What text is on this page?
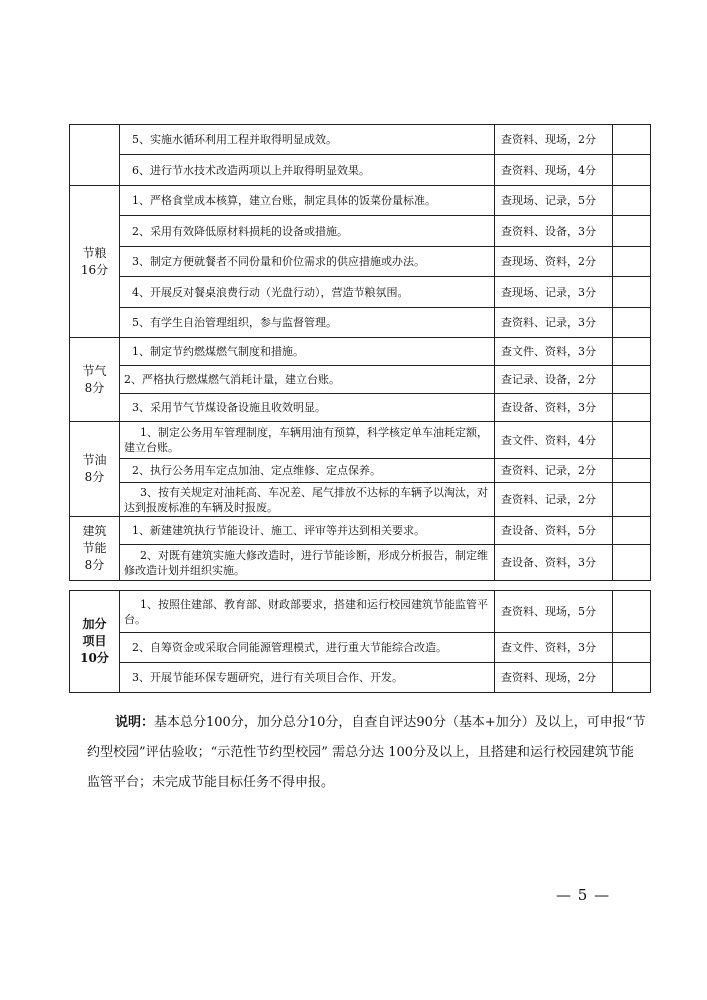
	5、实施水循环利用工程并取得明显成效。	查资料、现场，2分	
	6、进行节水技术改造两项以上并取得明显效果。	查资料、现场，4分	
节粮
16分	1、严格食堂成本核算，建立台账，制定具体的饭菜份量标准。	查现场、记录，5分	
	2、采用有效降低原材料损耗的设备或措施。	查资料、设备，3分	
	3、制定方便就餐者不同份量和价位需求的供应措施或办法。	查现场、资料，2分	
	4、开展反对餐桌浪费行动（光盘行动），营造节粮氛围。	查现场、记录，3分	
	5、有学生自治管理组织，参与监督管理。	查资料、记录，3分	
节气
8分	1、制定节约燃煤燃气制度和措施。	查文件、资料，3分	
	2、严格执行燃煤燃气消耗计量，建立台账。	查记录、设备，2分	
	3、采用节气节煤设备设施且收效明显。	查设备、资料，3分	
节油
8分	1、制定公务用车管理制度，车辆用油有预算，科学核定单车油耗定额，建立台账。	查文件、资料，4分	
	2、执行公务用车定点加油、定点维修、定点保养。	查资料、记录，2分	

	3、按有关规定对油耗高、车况差、尾气排放不达标的车辆予以淘汰，对达到报废标准的车辆及时报废。	查资料、记录，2分	
建筑
节能
8分	1、新建建筑执行节能设计、施工、评审等并达到相关要求。	查设备、资料，5分	

	2、对既有建筑实施大修改造时，进行节能诊断，形成分析报告，制定维修改造计划并组织实施。	查设备、资料，3分	
加分
项目
10分	1、按照住建部、教育部、财政部要求，搭建和运行校园建筑节能监管平台。	查资料、现场，5分	
	2、自筹资金或采取合同能源管理模式，进行重大节能综合改造。	查文件、资料，3分	
	3、开展节能环保专题研究，进行有关项目合作、开发。	查资料、现场，2分	
说明：基本总分100分，加分总分10分，自查自评达90分（基本+加分）及以上，可申报“节约型校园”评估验收；“示范性节约型校园” 需总分达 100分及以上，且搭建和运行校园建筑节能监管平台；未完成节能目标任务不得申报。
— 5 —
